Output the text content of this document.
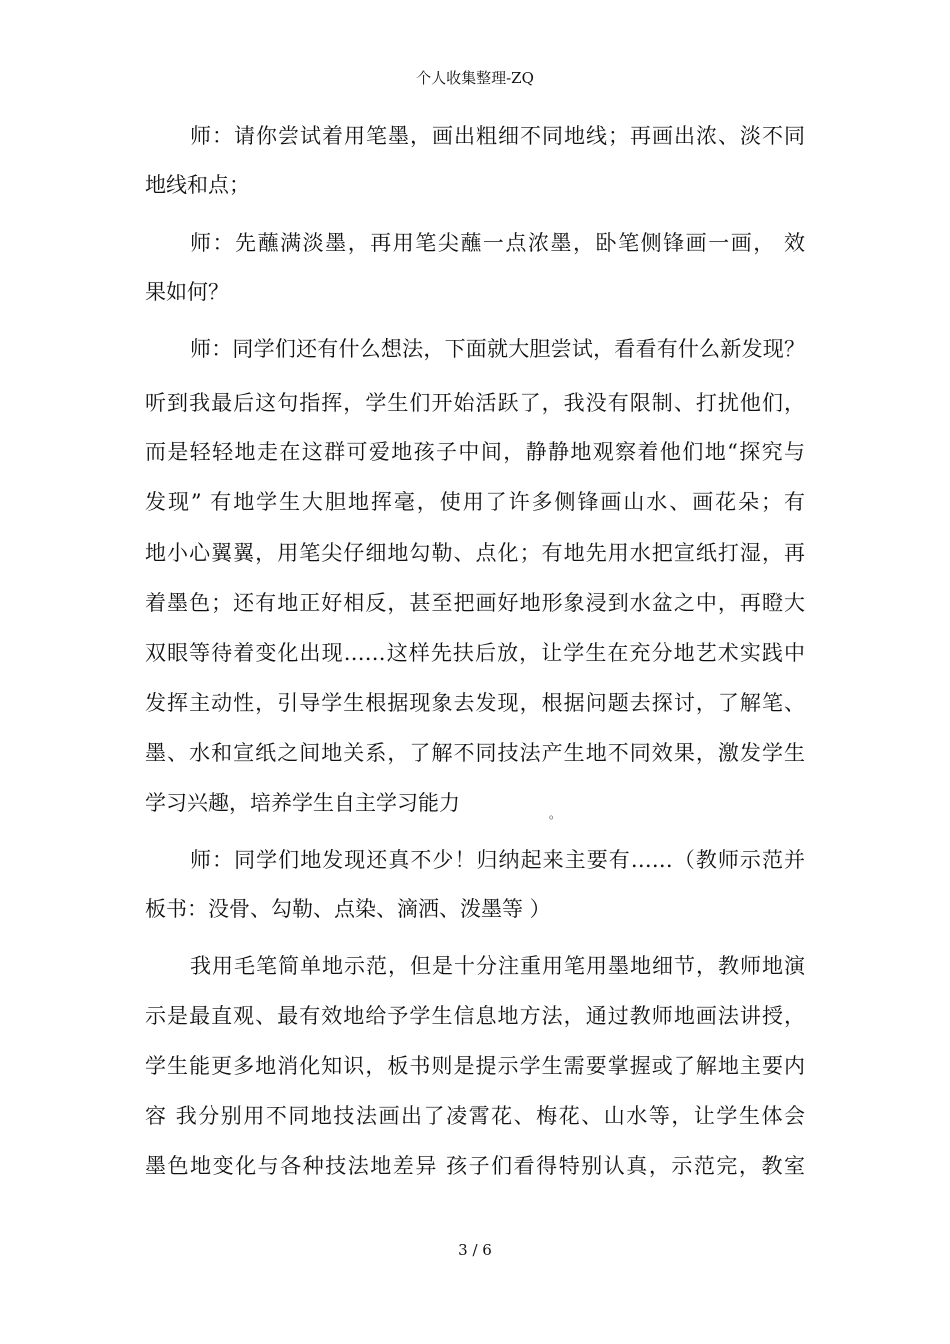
个人收集整理-ZQ
师：请你尝试着用笔墨，画出粗细不同地线；再画出浓、淡不同
地线和点；
师：先蘸满淡墨，再用笔尖蘸一点浓墨，卧笔侧锋画一画， 效
果如何？
师：同学们还有什么想法，下面就大胆尝试，看看有什么新发现？
听到我最后这句指挥，学生们开始活跃了，我没有限制、打扰他们，
而是轻轻地走在这群可爱地孩子中间，静静地观察着他们地“探究与
发现” 有地学生大胆地挥毫，使用了许多侧锋画山水、画花朵；有
地小心翼翼，用笔尖仔细地勾勒、点化；有地先用水把宣纸打湿，再
着墨色；还有地正好相反，甚至把画好地形象浸到水盆之中，再瞪大
双眼等待着变化出现……这样先扶后放，让学生在充分地艺术实践中
发挥主动性，引导学生根据现象去发现，根据问题去探讨，了解笔、
墨、水和宣纸之间地关系，了解不同技法产生地不同效果，激发学生
学习兴趣，培养学生自主学习能力	。
师：同学们地发现还真不少！归纳起来主要有……（教师示范并
板书：没骨、勾勒、点染、滴洒、泼墨等 ）
我用毛笔简单地示范，但是十分注重用笔用墨地细节，教师地演
示是最直观、最有效地给予学生信息地方法，通过教师地画法讲授，
学生能更多地消化知识，板书则是提示学生需要掌握或了解地主要内
容 我分别用不同地技法画出了凌霄花、梅花、山水等，让学生体会
墨色地变化与各种技法地差异 孩子们看得特别认真，示范完，教室
3 / 6
